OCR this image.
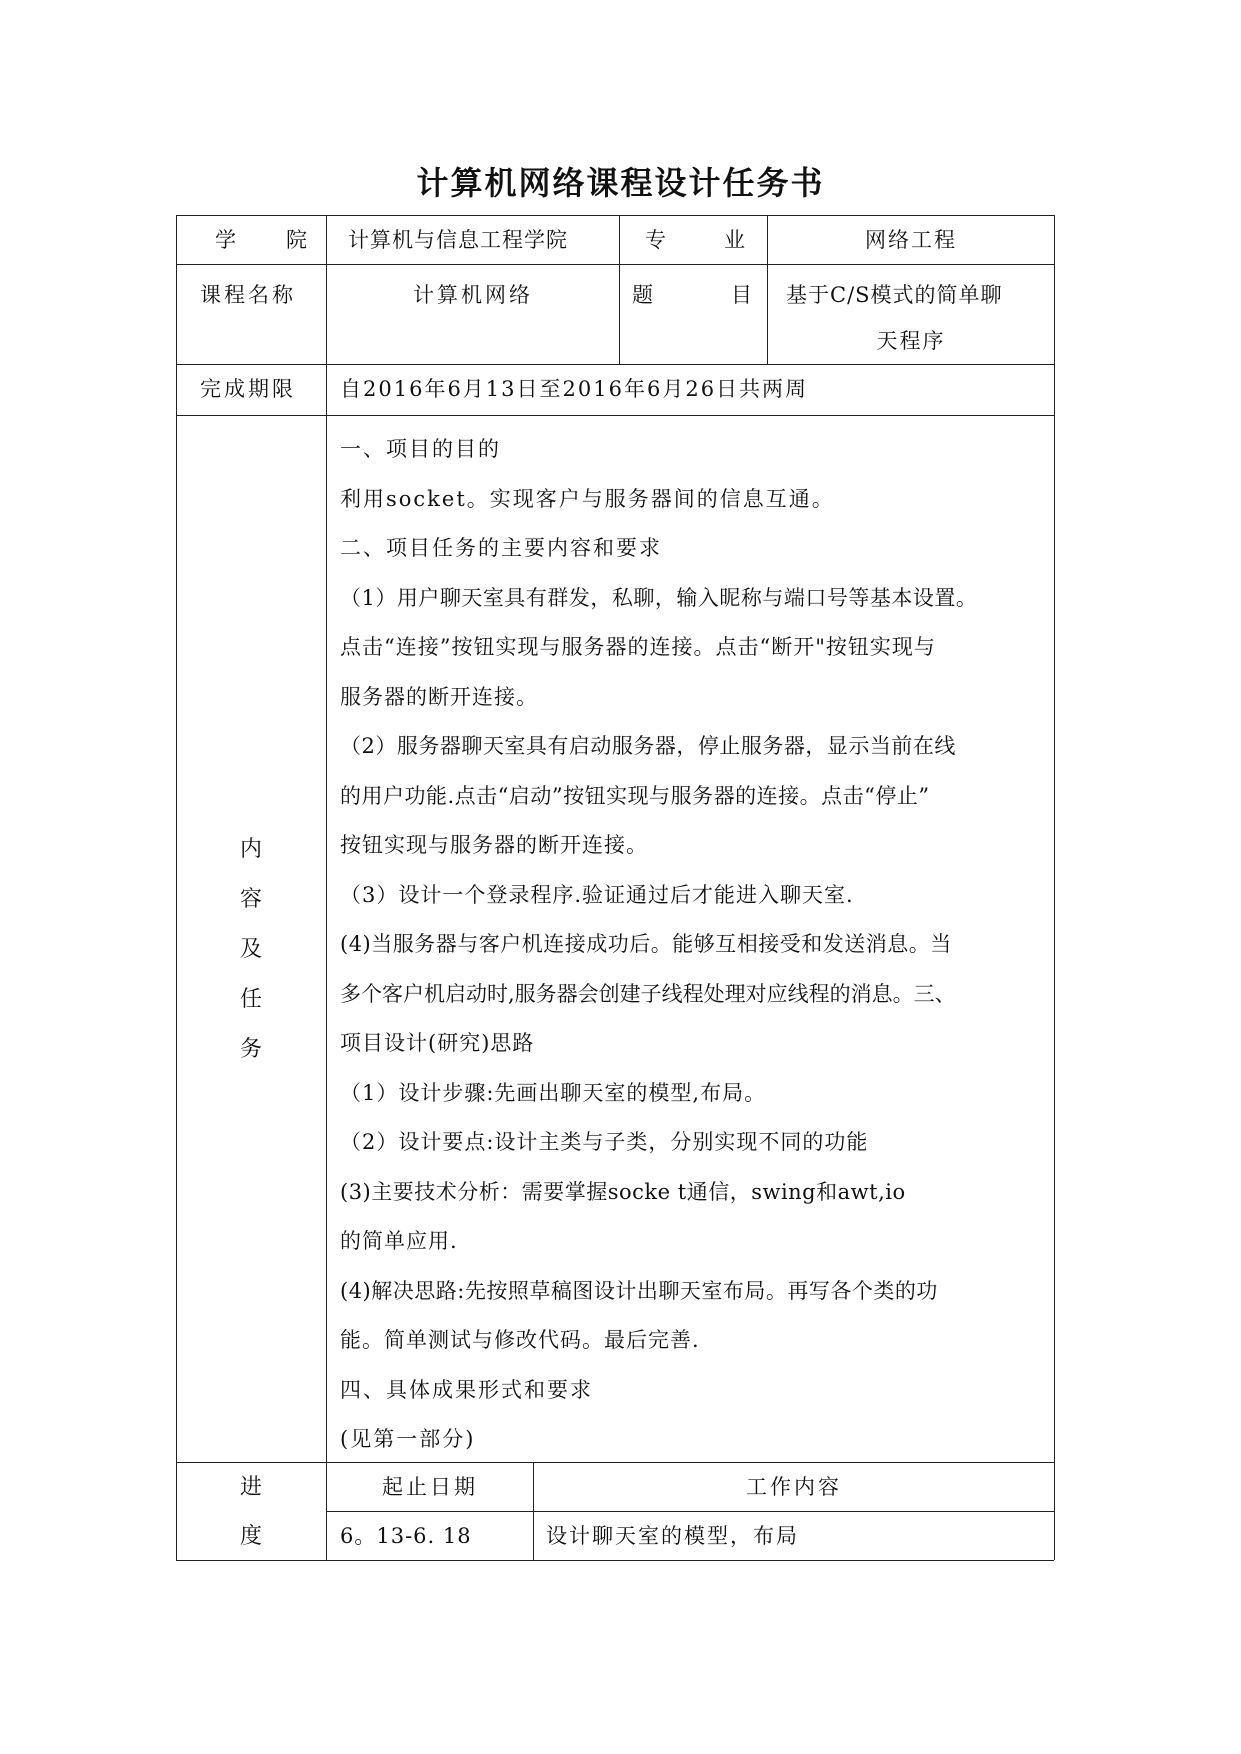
计算机网络课程设计任务书
学 院 计算机与信息工程学院	专	业	网络工程
课程名称	计算机网络	题	目	基于C/S模式的简单聊
天程序
完成期限 自2016年6月13日至2016年6月26日共两周
内
容
及
任
务

一、项目的目的

利用socket。实现客户与服务器间的信息互通。

二、项目任务的主要内容和要求

（1）用户聊天室具有群发，私聊，输入昵称与端口号等基本设置。

点击“连接”按钮实现与服务器的连接。点击“断开"按钮实现与

服务器的断开连接。

（2）服务器聊天室具有启动服务器，停止服务器，显示当前在线

的用户功能.点击“启动”按钮实现与服务器的连接。点击“停止”

按钮实现与服务器的断开连接。

（3）设计一个登录程序.验证通过后才能进入聊天室.

(4)当服务器与客户机连接成功后。能够互相接受和发送消息。当

多个客户机启动时,服务器会创建子线程处理对应线程的消息。三、

项目设计(研究)思路

（1）设计步骤:先画出聊天室的模型,布局。

（2）设计要点:设计主类与子类，分别实现不同的功能

(3)主要技术分析：需要掌握socke t通信，swing和awt,io

的简单应用.

(4)解决思路:先按照草稿图设计出聊天室布局。再写各个类的功

能。简单测试与修改代码。最后完善.

四、具体成果形式和要求

(见第一部分)

进
度
起止日期	工作内容
6。13-6. 18	设计聊天室的模型，布局
